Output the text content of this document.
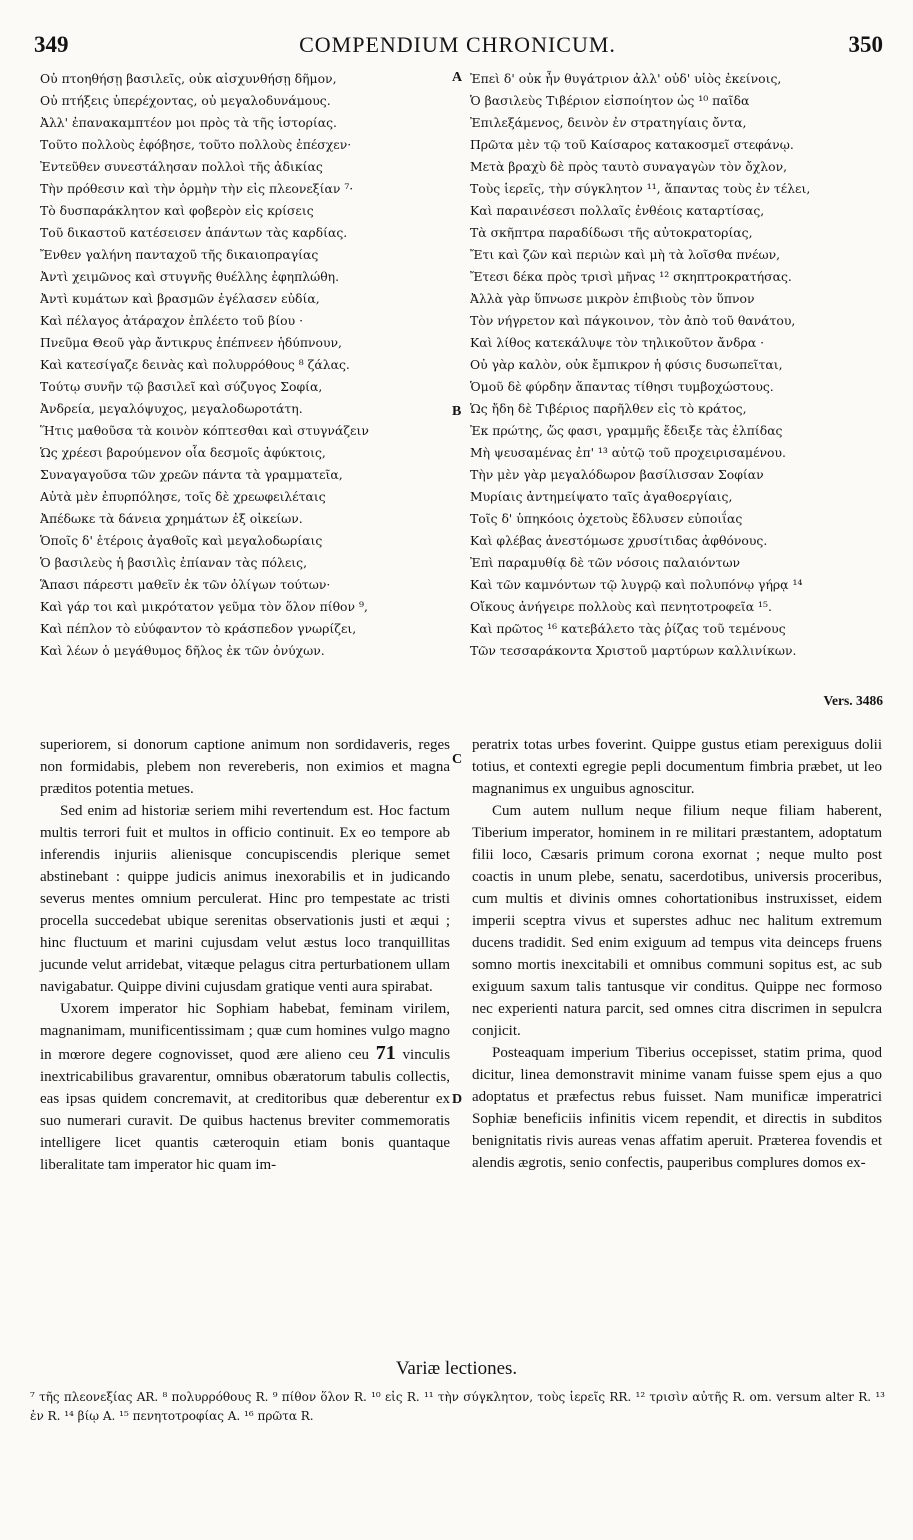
349	COMPENDIUM CHRONICUM.	350
A
B
C
D
Οὐ πτοηθήσῃ βασιλεῖς, οὐκ αἰσχυνθήσῃ δῆμον,
Οὐ πτήξεις ὑπερέχοντας, οὐ μεγαλοδυνάμους.
Ἀλλ' ἐπανακαμπτέον μοι πρὸς τὰ τῆς ἱστορίας.
Τοῦτο πολλοὺς ἐφόβησε, τοῦτο πολλοὺς ἐπέσχεν·
Ἐντεῦθεν συνεστάλησαν πολλοὶ τῆς ἀδικίας
Τὴν πρόθεσιν καὶ τὴν ὁρμὴν τὴν εἰς πλεονεξίαν ⁷·
Τὸ δυσπαράκλητον καὶ φοβερὸν εἰς κρίσεις
Τοῦ δικαστοῦ κατέσεισεν ἁπάντων τὰς καρδίας.
Ἔνθεν γαλήνη πανταχοῦ τῆς δικαιοπραγίας
Ἀντὶ χειμῶνος καὶ στυγνῆς θυέλλης ἐφηπλώθη.
Ἀντὶ κυμάτων καὶ βρασμῶν ἐγέλασεν εὐδία,
Καὶ πέλαγος ἀτάραχον ἐπλέετο τοῦ βίου ·
Πνεῦμα Θεοῦ γὰρ ἄντικρυς ἐπέπνεεν ἡδύπνουν,
Καὶ κατεσίγαζε δεινὰς καὶ πολυρρόθους ⁸ ζάλας.
Τούτῳ συνῆν τῷ βασιλεῖ καὶ σύζυγος Σοφία,
Ἀνδρεία, μεγαλόψυχος, μεγαλοδωροτάτη.
Ἥτις μαθοῦσα τὰ κοινὸν κόπτεσθαι καὶ στυγνάζειν
Ὡς χρέεσι βαρούμενον οἷα δεσμοῖς ἀφύκτοις,
Συναγαγοῦσα τῶν χρεῶν πάντα τὰ γραμματεῖα,
Αὐτὰ μὲν ἐπυρπόλησε, τοῖς δὲ χρεωφειλέταις
Ἀπέδωκε τὰ δάνεια χρημάτων ἐξ οἰκείων.
Ὁποῖς δ' ἑτέροις ἀγαθοῖς καὶ μεγαλοδωρίαις
Ὁ βασιλεὺς ἡ βασιλὶς ἐπίαναν τὰς πόλεις,
Ἅπασι πάρεστι μαθεῖν ἐκ τῶν ὀλίγων τούτων·
Καὶ γάρ τοι καὶ μικρότατον γεῦμα τὸν ὅλον πίθον ⁹,
Καὶ πέπλον τὸ εὐύφαντον τὸ κράσπεδον γνωρίζει,
Καὶ λέων ὁ μεγάθυμος δῆλος ἐκ τῶν ὀνύχων.
Ἐπεὶ δ' οὐκ ἦν θυγάτριον ἀλλ' οὐδ' υἱὸς ἐκείνοις,
Ὁ βασιλεὺς Τιβέριον εἰσποίητον ὡς ¹⁰ παῖδα
Ἐπιλεξάμενος, δεινὸν ἐν στρατηγίαις ὄντα,
Πρῶτα μὲν τῷ τοῦ Καίσαρος κατακοσμεῖ στεφάνῳ.
Μετὰ βραχὺ δὲ πρὸς ταυτὸ συναγαγὼν τὸν ὄχλον,
Τοὺς ἱερεῖς, τὴν σύγκλητον ¹¹, ἅπαντας τοὺς ἐν τέλει,
Καὶ παραινέσεσι πολλαῖς ἐνθέοις καταρτίσας,
Τὰ σκῆπτρα παραδίδωσι τῆς αὐτοκρατορίας,
Ἔτι καὶ ζῶν καὶ περιὼν καὶ μὴ τὰ λοῖσθα πνέων,
Ἔτεσι δέκα πρὸς τρισὶ μῆνας ¹² σκηπτροκρατήσας.
Ἀλλὰ γὰρ ὕπνωσε μικρὸν ἐπιβιοὺς τὸν ὕπνον
Τὸν νήγρετον καὶ πάγκοινον, τὸν ἀπὸ τοῦ θανάτου,
Καὶ λίθος κατεκάλυψε τὸν τηλικοῦτον ἄνδρα ·
Οὐ γὰρ καλὸν, οὐκ ἔμπικρον ἡ φύσις δυσωπεῖται,
Ὁμοῦ δὲ φύρδην ἅπαντας τίθησι τυμβοχώστους.
Ὡς ἤδη δὲ Τιβέριος παρῆλθεν εἰς τὸ κράτος,
Ἐκ πρώτης, ὥς φασι, γραμμῆς ἔδειξε τὰς ἐλπίδας
Μὴ ψευσαμένας ἐπ' ¹³ αὐτῷ τοῦ προχειρισαμένου.
Τὴν μὲν γὰρ μεγαλόδωρον βασίλισσαν Σοφίαν
Μυρίαις ἀντημείψατο ταῖς ἀγαθοεργίαις,
Τοῖς δ' ὑπηκόοις ὀχετοὺς ἔδλυσεν εὐποιΐας
Καὶ φλέβας ἀνεστόμωσε χρυσίτιδας ἀφθόνους.
Ἐπὶ παραμυθίᾳ δὲ τῶν νόσοις παλαιόντων
Καὶ τῶν καμνόντων τῷ λυγρῷ καὶ πολυπόνῳ γήρᾳ ¹⁴
Οἴκους ἀνήγειρε πολλοὺς καὶ πενητοτροφεῖα ¹⁵.
Καὶ πρῶτος ¹⁶ κατεβάλετο τὰς ῥίζας τοῦ τεμένους
Τῶν τεσσαράκοντα Χριστοῦ μαρτύρων καλλινίκων.
Vers. 3486

superiorem, si donorum captione animum non sordidaveris, reges non formidabis, plebem non revereberis, non eximios et magna prӕditos potentia metues.

Sed enim ad historiӕ seriem mihi revertendum est. Hoc factum multis terrori fuit et multos in officio continuit. Ex eo tempore ab inferendis injuriis alienisque concupiscendis plerique semet abstinebant : quippe judicis animus inexorabilis et in judicando severus mentes omnium perculerat. Hinc pro tempestate ac tristi procella succedebat ubique serenitas observationis justi et ӕqui ; hinc fluctuum et marini cujusdam velut ӕstus loco tranquillitas jucunde velut arridebat, vitӕque pelagus citra perturbationem ullam navigabatur. Quippe divini cujusdam gratique venti aura spirabat.

Uxorem imperator hic Sophiam habebat, feminam virilem, magnanimam, munificentissimam ; quӕ cum homines vulgo magno in mœrore degere cognovisset, quod ӕre alieno ceu 71 vinculis inextricabilibus gravarentur, omnibus obӕratorum tabulis collectis, eas ipsas quidem concremavit, at creditoribus quӕ deberentur ex suo numerari curavit. De quibus hactenus breviter commemoratis intelligere licet quantis cӕteroquin etiam bonis quantaque liberalitate tam imperator hic quam im-

peratrix totas urbes foverint. Quippe gustus etiam perexiguus dolii totius, et contexti egregie pepli documentum fimbria prӕbet, ut leo magnanimus ex unguibus agnoscitur.

Cum autem nullum neque filium neque filiam haberent, Tiberium imperator, hominem in re militari prӕstantem, adoptatum filii loco, Cӕsaris primum corona exornat ; neque multo post coactis in unum plebe, senatu, sacerdotibus, universis proceribus, cum multis et divinis omnes cohortationibus instruxisset, eidem imperii sceptra vivus et superstes adhuc nec halitum extremum ducens tradidit. Sed enim exiguum ad tempus vita deinceps fruens somno mortis inexcitabili et omnibus communi sopitus est, ac sub exiguum saxum talis tantusque vir conditus. Quippe nec formoso nec experienti natura parcit, sed omnes citra discrimen in sepulcra conjicit.

Posteaquam imperium Tiberius occepisset, statim prima, quod dicitur, linea demonstravit minime vanam fuisse spem ejus a quo adoptatus et prӕfectus rebus fuisset. Nam munificӕ imperatrici Sophiӕ beneficiis infinitis vicem rependit, et directis in subditos benignitatis rivis aureas venas affatim aperuit. Prӕterea fovendis et alendis ӕgrotis, senio confectis, pauperibus complures domos ex-

Variӕ lectiones.
⁷ τῆς πλεονεξίας AR. ⁸ πολυρρόθους R. ⁹ πίθον ὅλον R. ¹⁰ εἰς R. ¹¹ τὴν σύγκλητον, τοὺς ἱερεῖς RR. ¹² τρισὶν αὐτῆς R. om. versum alter R. ¹³ ἐν R. ¹⁴ βίῳ A. ¹⁵ πενητοτροφίας A. ¹⁶ πρῶτα R.
